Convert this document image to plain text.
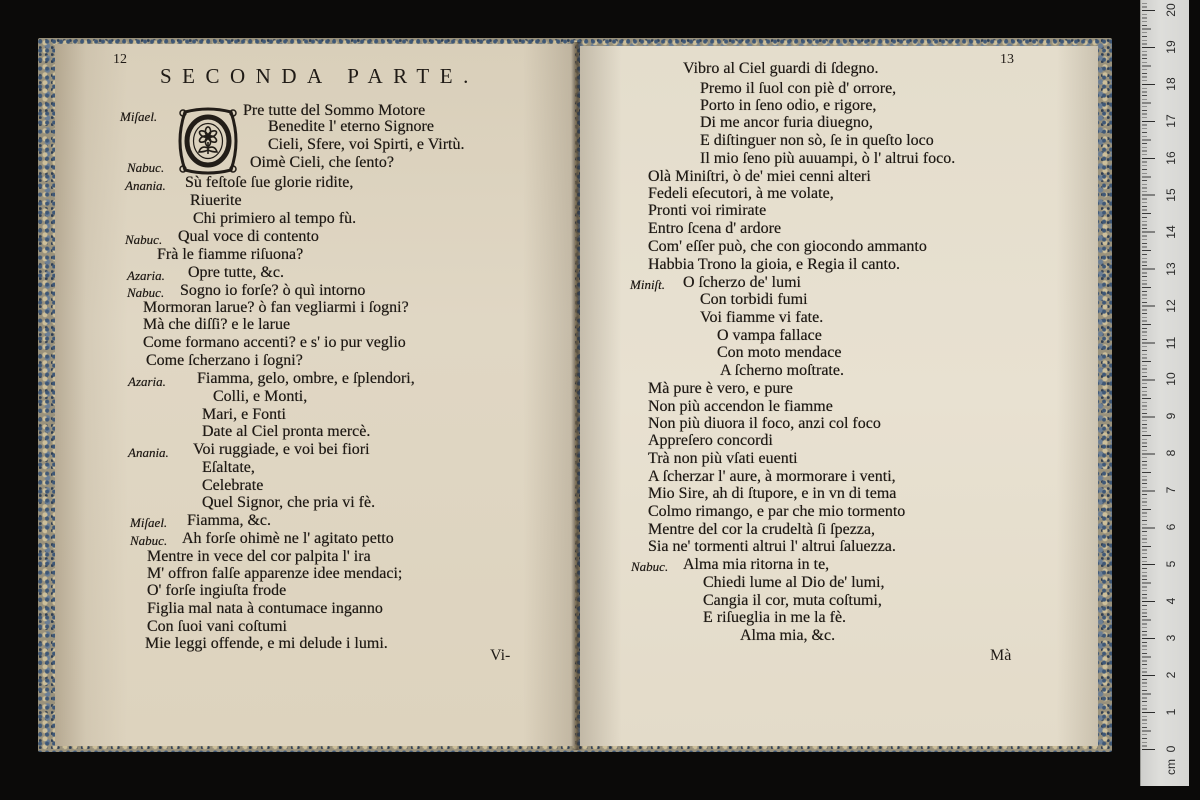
12
SECONDA PARTE.
Miſael.	Pre tutte del Sommo Motore
Benedite l' eterno Signore
Cieli, Sfere, voi Spirti, e Virtù.
Nabuc.	Oimè Cieli, che ſento?
Anania. Sù feſtoſe ſue glorie ridite,
Riuerite
Chi primiero al tempo fù.
Nabuc. Qual voce di contento
Frà le fiamme riſuona?
Azaria. Opre tutte, &c.
Nabuc. Sogno io forſe? ò quì intorno
Mormoran larue? ò fan vegliarmi i ſogni?
Mà che diſſi? e le larue
Come formano accenti? e s' io pur veglio
Come ſcherzano i ſogni?
Azaria. Fiamma, gelo, ombre, e ſplendori,
Colli, e Monti,
Mari, e Fonti
Date al Ciel pronta mercè.
Anania. Voi ruggiade, e voi bei fiori
Eſaltate,
Celebrate
Quel Signor, che pria vi fè.
Miſael. Fiamma, &c.
Nabuc. Ah forſe ohimè ne l' agitato petto
Mentre in vece del cor palpita l' ira
M' offron falſe apparenze idee mendaci;
O' forſe ingiuſta frode
Figlia mal nata à contumace inganno
Con ſuoi vani coſtumi
Mie leggi offende, e mi delude i lumi.
Vi-
13
Vibro al Ciel guardi di ſdegno.
Premo il ſuol con piè d' orrore,
Porto in ſeno odio, e rigore,
Di me ancor furia diuegno,
E diſtinguer non sò, ſe in queſto loco
Il mio ſeno più auuampi, ò l' altrui foco.
Olà Miniſtri, ò de' miei cenni alteri
Fedeli eſecutori, à me volate,
Pronti voi rimirate
Entro ſcena d' ardore
Com' eſſer può, che con giocondo ammanto
Habbia Trono la gioia, e Regia il canto.
Miniſt. O ſcherzo de' lumi
Con torbidi fumi
Voi fiamme vi fate.
O vampa fallace
Con moto mendace
A ſcherno moſtrate.
Mà pure è vero, e pure
Non più accendon le fiamme
Non più diuora il foco, anzi col foco
Appreſero concordi
Trà non più vſati euenti
A ſcherzar l' aure, à mormorare i venti,
Mio Sire, ah di ſtupore, e in vn di tema
Colmo rimango, e par che mio tormento
Mentre del cor la crudeltà ſi ſpezza,
Sia ne' tormenti altrui l' altrui ſaluezza.
Nabuc. Alma mia ritorna in te,
Chiedi lume al Dio de' lumi,
Cangia il cor, muta coſtumi,
E riſueglia in me la fè.
Alma mia, &c.
Mà
20
19
18
17
16
15
14
13
12
11
10
9
8
7
6
5
4
3
2
1
0
cm
